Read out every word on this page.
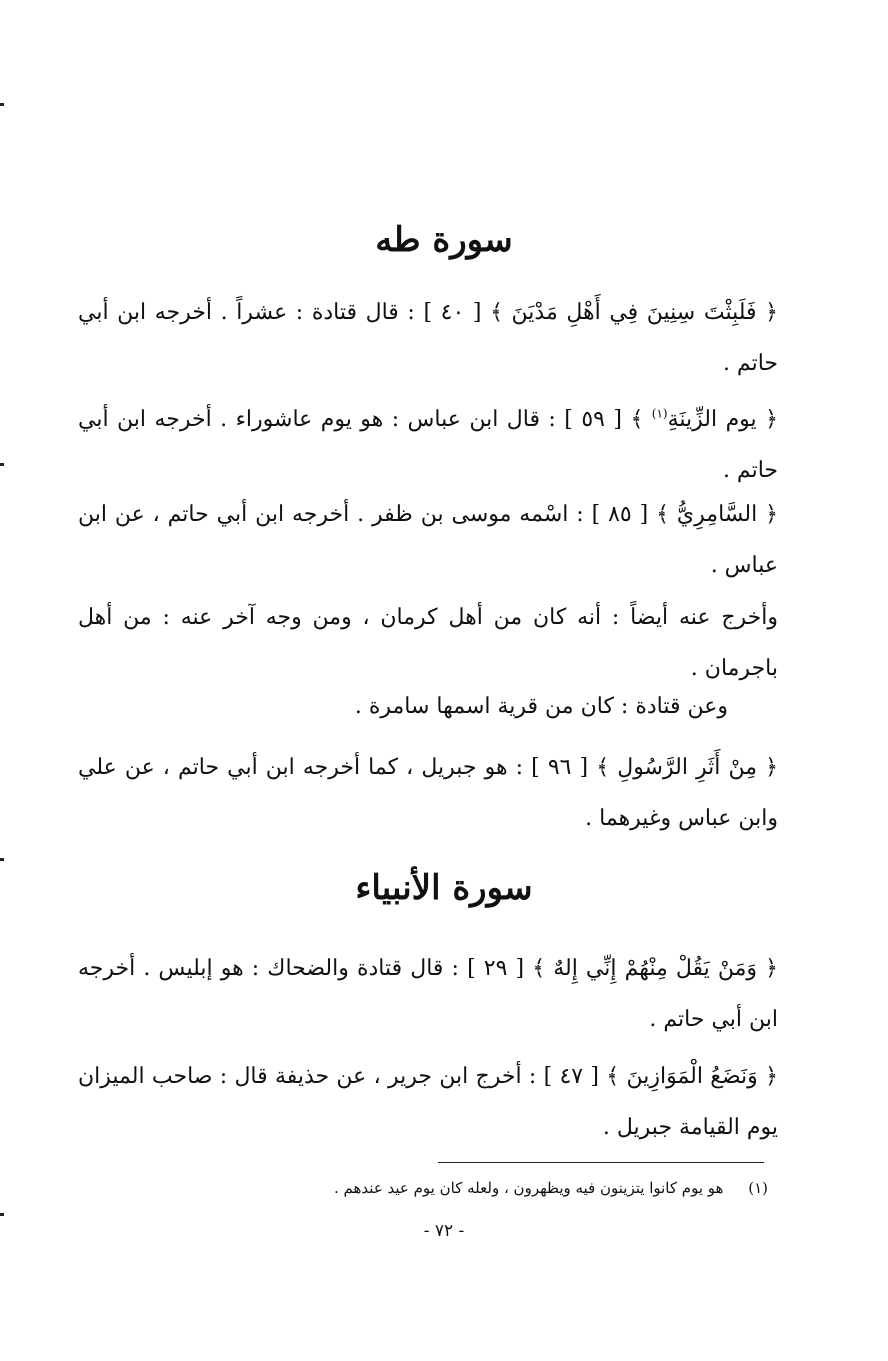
سورة طه

﴿ فَلَبِثْتَ سِنِينَ فِي أَهْلِ مَدْيَنَ ﴾ [ ٤٠ ] : قال قتادة : عشراً . أخرجه ابن أبي حاتم .

﴿ يوم الزِّينَةِ$^{(١)}$ ﴾ [ ٥٩ ] : قال ابن عباس : هو يوم عاشوراء . أخرجه ابن أبي حاتم .

﴿ السَّامِرِيُّ ﴾ [ ٨٥ ] : اسْمه موسى بن ظفر . أخرجه ابن أبي حاتم ، عن ابن عباس .

وأخرج عنه أيضاً : أنه كان من أهل كرمان ، ومن وجه آخر عنه : من أهل باجرمان .

وعن قتادة : كان من قرية اسمها سامرة .

﴿ مِنْ أَثَرِ الرَّسُولِ ﴾ [ ٩٦ ] : هو جبريل ، كما أخرجه ابن أبي حاتم ، عن علي وابن عباس وغيرهما .

سورة الأنبياء

﴿ وَمَنْ يَقُلْ مِنْهُمْ إِنِّي إِلهٌ ﴾ [ ٢٩ ] : قال قتادة والضحاك : هو إبليس . أخرجه ابن أبي حاتم .

﴿ وَنَضَعُ الْمَوَازِينَ ﴾ [ ٤٧ ] : أخرج ابن جرير ، عن حذيفة قال : صاحب الميزان يوم القيامة جبريل .

(١) هو يوم كانوا يتزينون فيه ويظهرون ، ولعله كان يوم عيد عندهم .

- ٧٢ -
